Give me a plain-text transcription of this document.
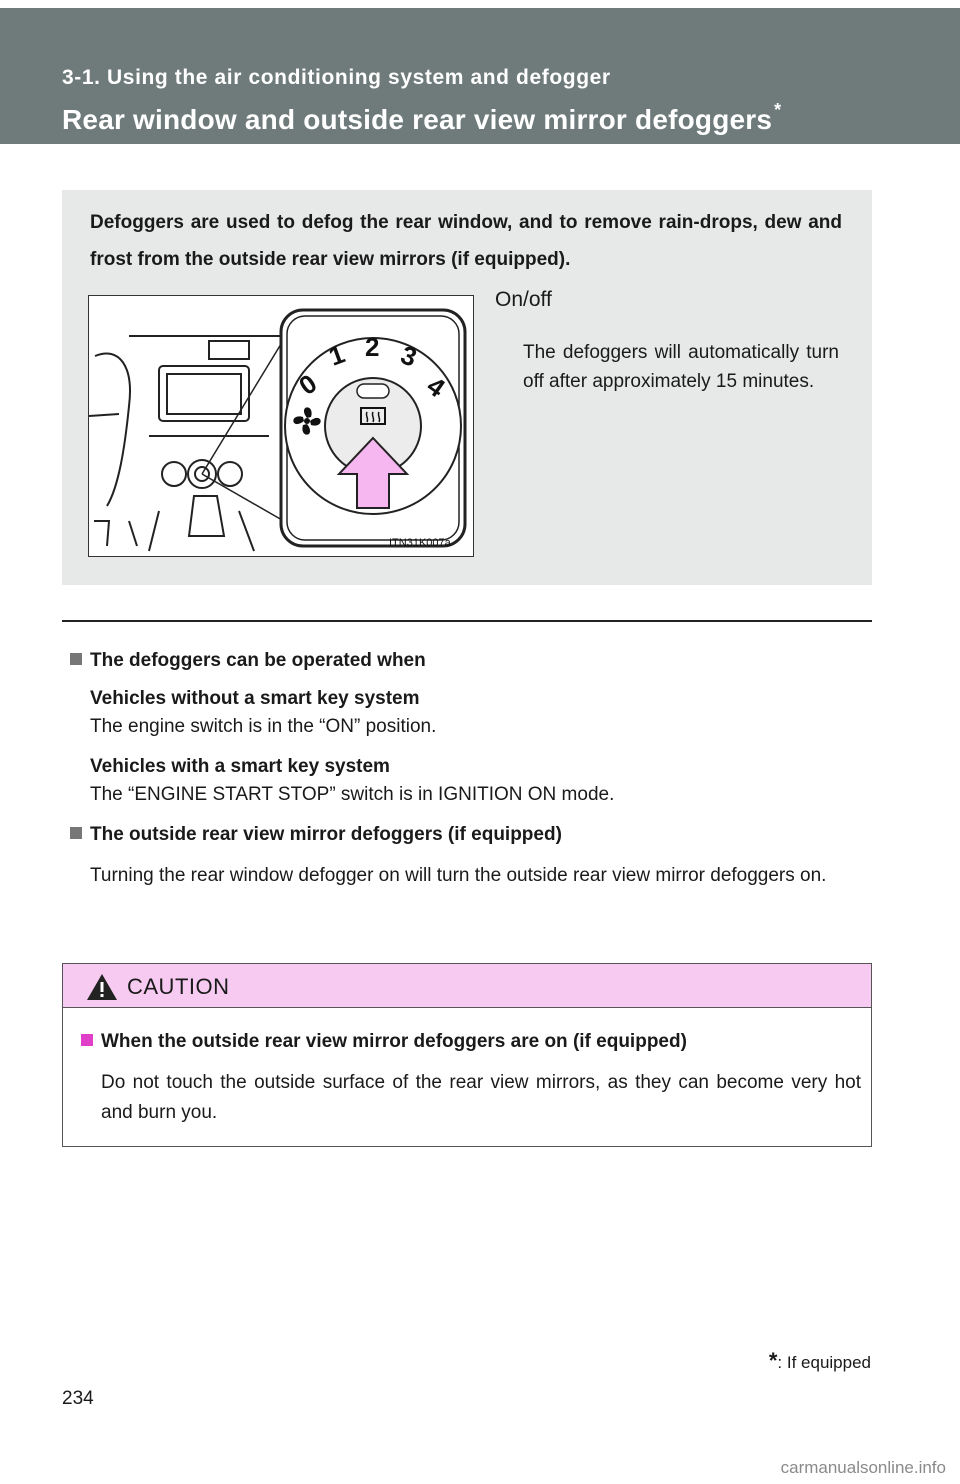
3-1. Using the air conditioning system and defogger
Rear window and outside rear view mirror defoggers *
Defoggers are used to defog the rear window, and to remove rain-drops, dew and frost from the outside rear view mirrors (if equipped).
0
1 2 3
4
ITN31K007a
On/off
The defoggers will automatically turn off after approximately 15 minutes.

The defoggers can be operated when

Vehicles without a smart key system

The engine switch is in the “ON” position.

Vehicles with a smart key system

The “ENGINE START STOP” switch is in IGNITION ON mode.

The outside rear view mirror defoggers (if equipped)

Turning the rear window defogger on will turn the outside rear view mirror defoggers on.

CAUTION

When the outside rear view mirror defoggers are on (if equipped)

Do not touch the outside surface of the rear view mirrors, as they can become very hot and burn you.

*: If equipped
234
carmanualsonline.info
